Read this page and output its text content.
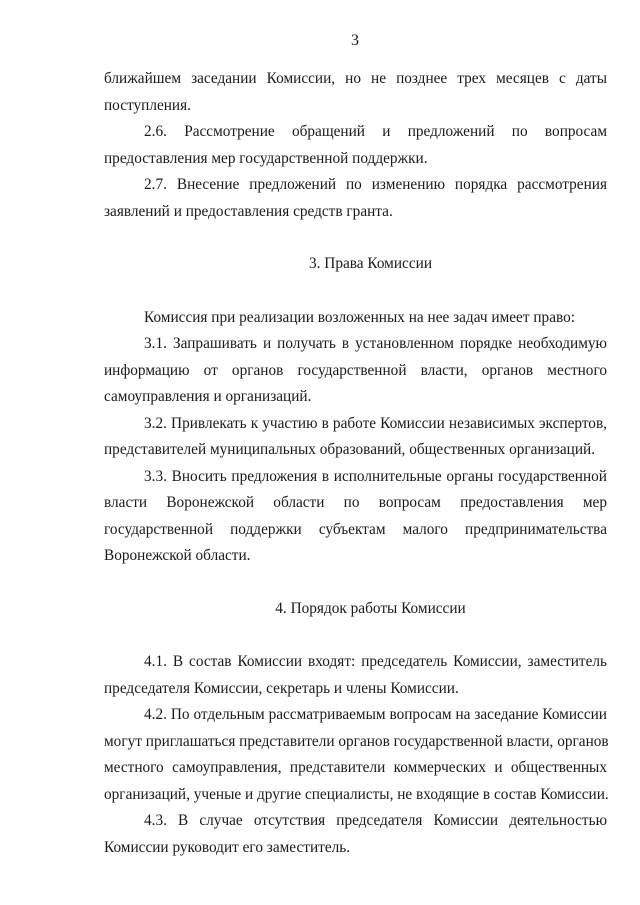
3

ближайшем заседании Комиссии, но не позднее трех месяцев с даты
поступления.

2.6. Рассмотрение обращений и предложений по вопросам
предоставления мер государственной поддержки.

2.7. Внесение предложений по изменению порядка рассмотрения
заявлений и предоставления средств гранта.

3. Права Комиссии

Комиссия при реализации возложенных на нее задач имеет право:

3.1. Запрашивать и получать в установленном порядке необходимую
информацию от органов государственной власти, органов местного
самоуправления и организаций.

3.2. Привлекать к участию в работе Комиссии независимых экспертов,
представителей муниципальных образований, общественных организаций.

3.3. Вносить предложения в исполнительные органы государственной
власти Воронежской области по вопросам предоставления мер
государственной поддержки субъектам малого предпринимательства
Воронежской области.

4. Порядок работы Комиссии

4.1. В состав Комиссии входят: председатель Комиссии, заместитель
председателя Комиссии, секретарь и члены Комиссии.

4.2. По отдельным рассматриваемым вопросам на заседание Комиссии
могут приглашаться представители органов государственной власти, органов
местного самоуправления, представители коммерческих и общественных
организаций, ученые и другие специалисты, не входящие в состав Комиссии.

4.3. В случае отсутствия председателя Комиссии деятельностью
Комиссии руководит его заместитель.
